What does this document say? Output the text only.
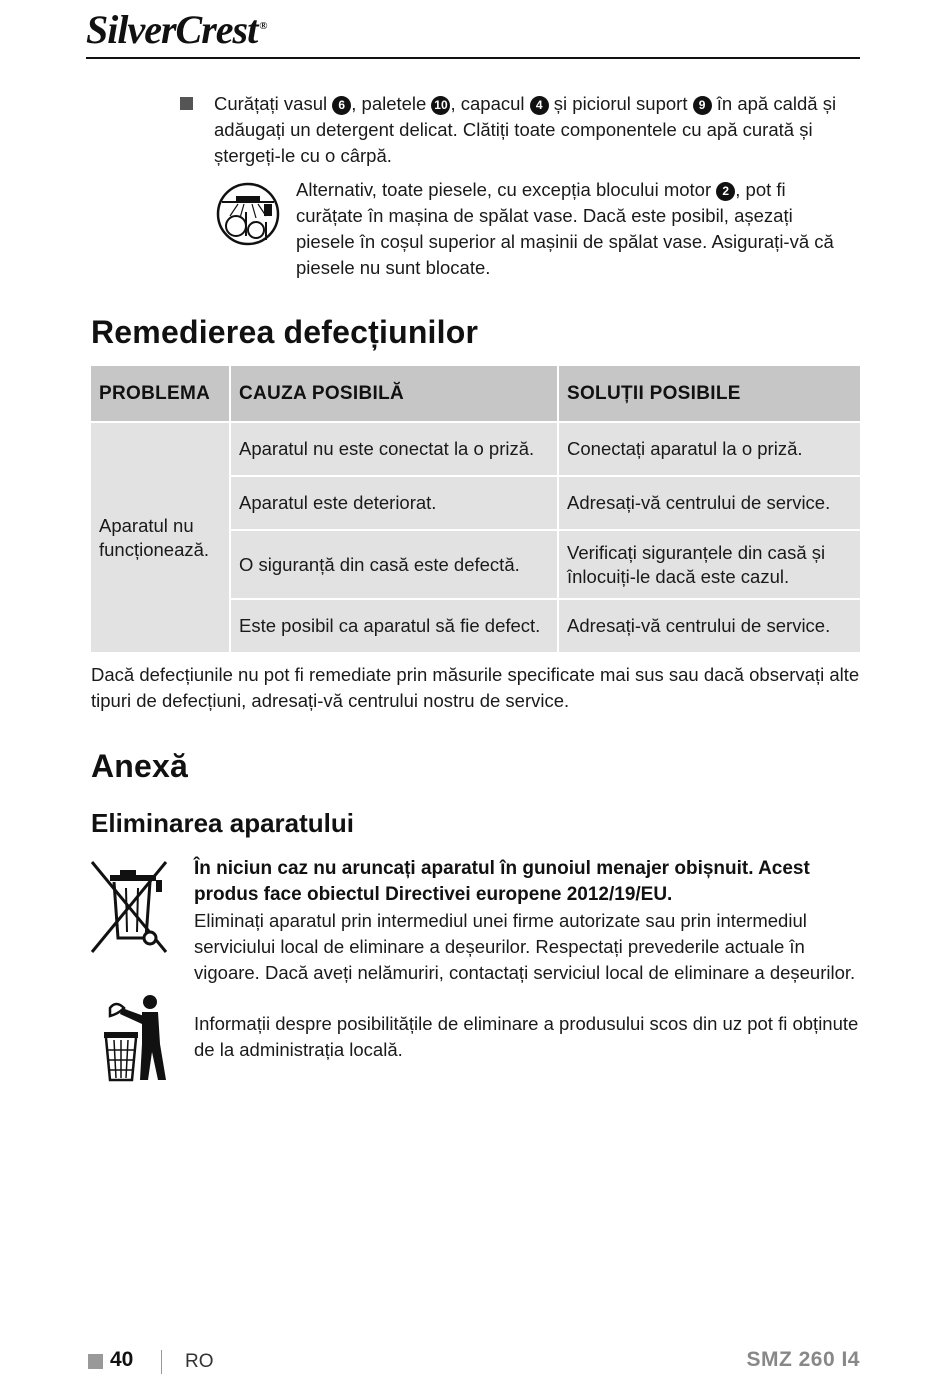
SilverCrest ®

Curățați vasul 6 , paletele 10 , capacul 4 și piciorul suport 9 în apă caldă și adăugați un detergent delicat. Clătiți toate componentele cu apă curată și ștergeți-le cu o cârpă.

Alternativ, toate piesele, cu excepția blocului motor 2 , pot fi curățate în mașina de spălat vase. Dacă este posibil, așezați piesele în coșul superior al mașinii de spălat vase. Asigurați-vă că piesele nu sunt blocate.

Remedierea defecțiunilor
PROBLEMA	CAUZA POSIBILĂ	SOLUȚII POSIBILE
Aparatul nu funcționează.	Aparatul nu este conectat la o priză.	Conectați aparatul la o priză.
	Aparatul este deteriorat.	Adresați-vă centrului de service.
	O siguranță din casă este defectă.	Verificați siguranțele din casă și înlocuiți-le dacă este cazul.
	Este posibil ca aparatul să fie defect.	Adresați-vă centrului de service.

Dacă defecțiunile nu pot fi remediate prin măsurile specificate mai sus sau dacă observați alte tipuri de defecțiuni, adresați-vă centrului nostru de service.

Anexă
Eliminarea aparatului

În niciun caz nu aruncați aparatul în gunoiul menajer obișnuit. Acest produs face obiectul Directivei europene 2012/19/EU.

Eliminați aparatul prin intermediul unei firme autorizate sau prin intermediul serviciului local de eliminare a deșeurilor. Respectați prevederile actuale în vigoare. Dacă aveți nelămuriri, contactați serviciul local de eliminare a deșeurilor.

Informații despre posibilitățile de eliminare a produsului scos din uz pot fi obținute de la administrația locală.

40	RO	SMZ 260 I4
